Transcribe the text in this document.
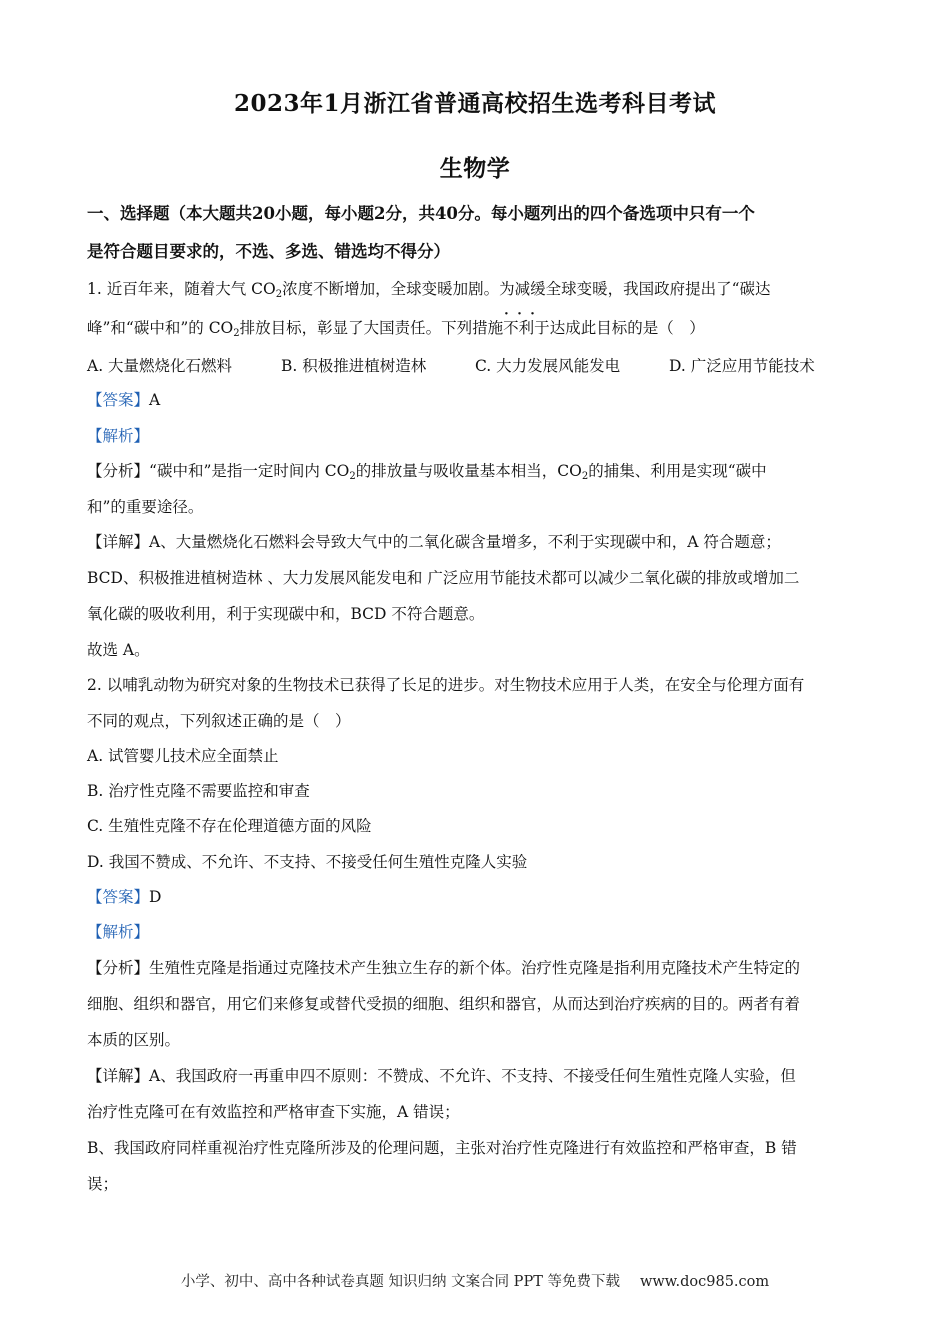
2023年1月浙江省普通高校招生选考科目考试
生物学
一、选择题（本大题共20小题，每小题2分，共40分。每小题列出的四个备选项中只有一个
是符合题目要求的，不选、多选、错选均不得分）
1. 近百年来，随着大气 $CO_2$浓度不断增加，全球变暖加剧。为减缓全球变暖，我国政府提出了“碳达
峰”和“碳中和”的 $CO_2$排放目标，彰显了大国责任。下列措施· · · 不利于达成此目标的是（　）
A. 大量燃烧化石燃料	B. 积极推进植树造林	C. 大力发展风能发电	D. 广泛应用节能技术
【答案】A
【解析】
【分析】“碳中和”是指一定时间内 $CO_2$的排放量与吸收量基本相当，$CO_2$的捕集、利用是实现“碳中
和”的重要途径。
【详解】A、大量燃烧化石燃料会导致大气中的二氧化碳含量增多，不利于实现碳中和，A 符合题意；
BCD、积极推进植树造林 、大力发展风能发电和 广泛应用节能技术都可以减少二氧化碳的排放或增加二
氧化碳的吸收利用，利于实现碳中和，BCD 不符合题意。
故选 A。
2. 以哺乳动物为研究对象的生物技术已获得了长足的进步。对生物技术应用于人类，在安全与伦理方面有
不同的观点，下列叙述正确的是（　）
A. 试管婴儿技术应全面禁止
B. 治疗性克隆不需要监控和审查
C. 生殖性克隆不存在伦理道德方面的风险
D. 我国不赞成、不允许、不支持、不接受任何生殖性克隆人实验
【答案】D
【解析】
【分析】生殖性克隆是指通过克隆技术产生独立生存的新个体。治疗性克隆是指利用克隆技术产生特定的
细胞、组织和器官，用它们来修复或替代受损的细胞、组织和器官，从而达到治疗疾病的目的。两者有着
本质的区别。
【详解】A、我国政府一再重申四不原则：不赞成、不允许、不支持、不接受任何生殖性克隆人实验，但
治疗性克隆可在有效监控和严格审查下实施，A 错误；
B、我国政府同样重视治疗性克隆所涉及的伦理问题，主张对治疗性克隆进行有效监控和严格审查，B 错
误；
小学、初中、高中各种试卷真题 知识归纳 文案合同 PPT 等免费下载 www.doc985.com
